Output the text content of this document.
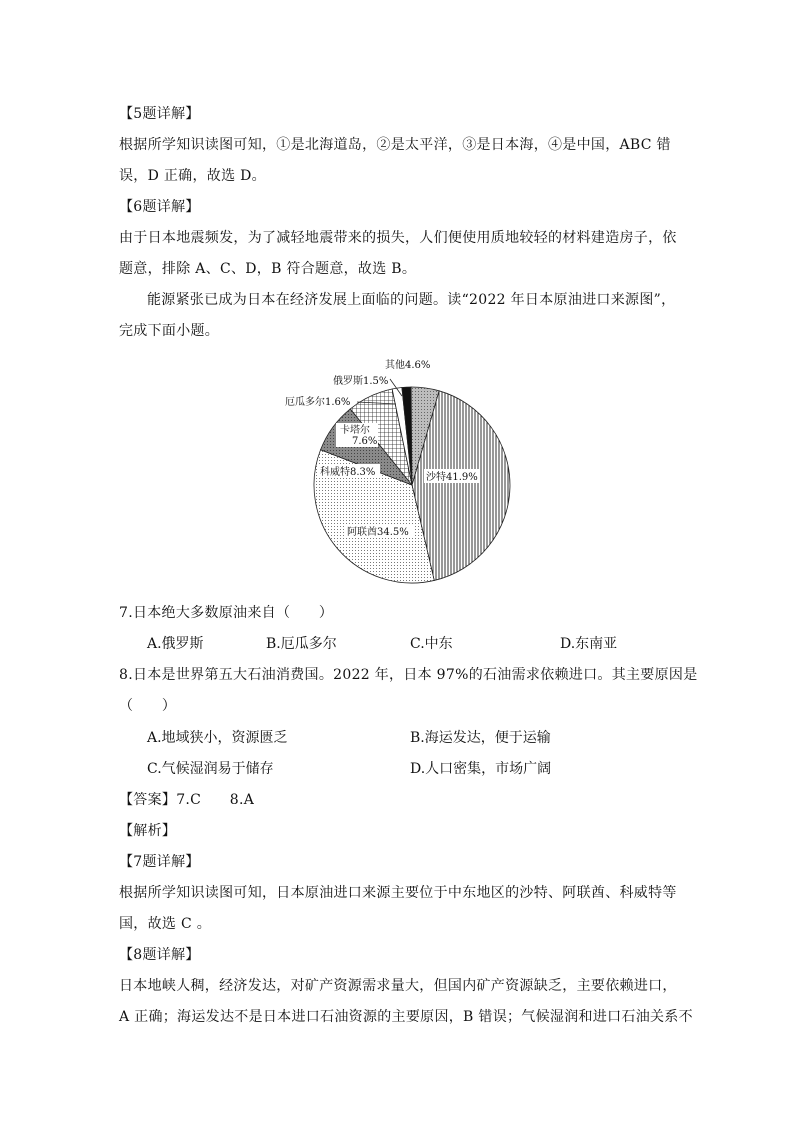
【5题详解】
根据所学知识读图可知，①是北海道岛，②是太平洋，③是日本海，④是中国，ABC 错
误，D 正确，故选 D。
【6题详解】
由于日本地震频发，为了减轻地震带来的损失，人们便使用质地较轻的材料建造房子，依
题意，排除 A、C、D，B 符合题意，故选 B。
能源紧张已成为日本在经济发展上面临的问题。读“2022 年日本原油进口来源图”，
完成下面小题。
其他4.6%
俄罗斯1.5%
厄瓜多尔1.6%
卡塔尔
7.6%
科威特8.3%	沙特41.9%
阿联酋34.5%
7.日本绝大多数原油来自（　　）
A.俄罗斯	B.厄瓜多尔	C.中东	D.东南亚
8.日本是世界第五大石油消费国。2022 年，日本 97%的石油需求依赖进口。其主要原因是
（　　）
A.地域狭小，资源匮乏	B.海运发达，便于运输
C.气候湿润易于储存	D.人口密集，市场广阔
【答案】7.C　　8.A
【解析】
【7题详解】
根据所学知识读图可知，日本原油进口来源主要位于中东地区的沙特、阿联酋、科威特等
国，故选 C 。
【8题详解】
日本地峡人稠，经济发达，对矿产资源需求量大，但国内矿产资源缺乏，主要依赖进口，
A 正确；海运发达不是日本进口石油资源的主要原因，B 错误；气候湿润和进口石油关系不
